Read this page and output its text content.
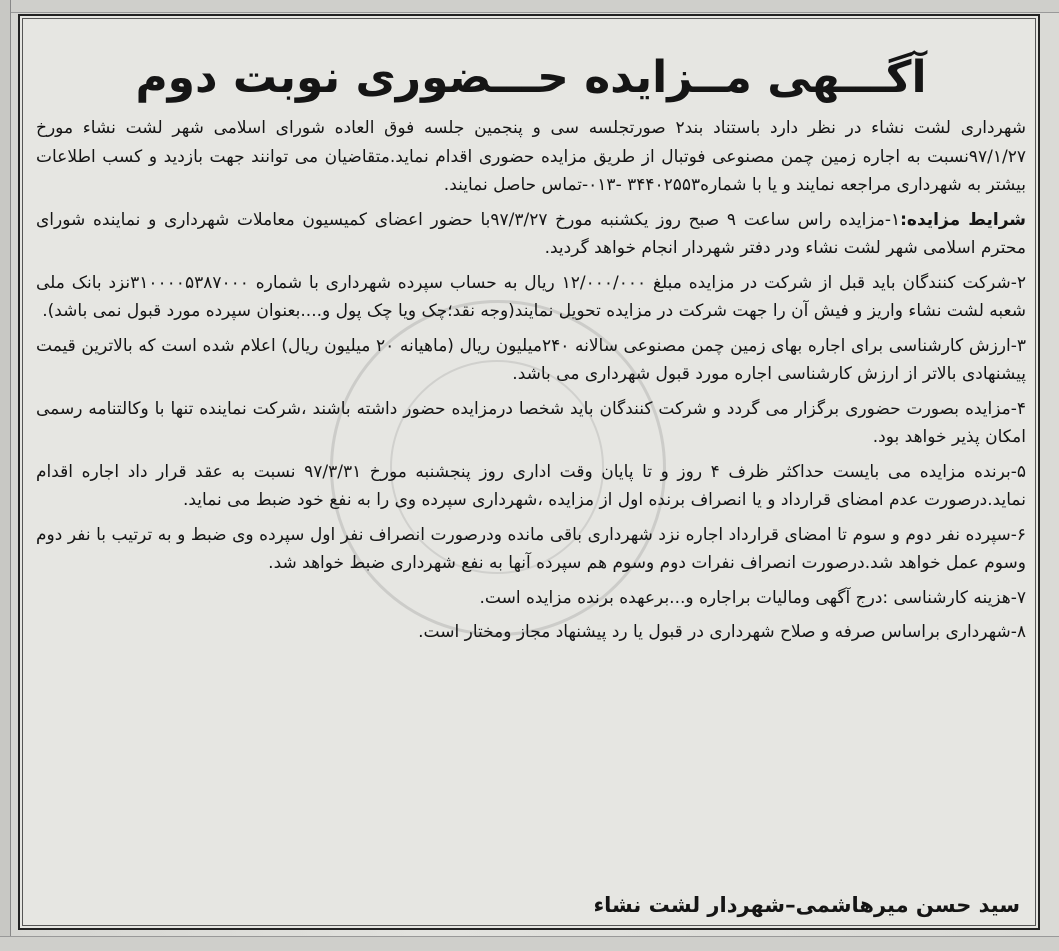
آگـــهی مــزایده حـــضوری نوبت دوم

شهرداری لشت نشاء در نظر دارد باستناد بند۲ صورتجلسه سی و پنجمین جلسه فوق العاده شورای اسلامی شهر لشت نشاء مورخ ۹۷/۱/۲۷نسبت به اجاره زمین چمن مصنوعی فوتبال از طریق مزایده حضوری اقدام نماید.متقاضیان می توانند جهت بازدید و کسب اطلاعات بیشتر به شهرداری مراجعه نمایند و یا با شماره۳۴۴۰۲۵۵۳ -۰۱۳-تماس حاصل نمایند.

شرایط مزایده:۱-مزایده راس ساعت ۹ صبح روز یکشنبه مورخ ۹۷/۳/۲۷با حضور اعضای کمیسیون معاملات شهرداری و نماینده شورای محترم اسلامی شهر لشت نشاء ودر دفتر شهردار انجام خواهد گردید.

۲-شرکت کنندگان باید قبل از شرکت در مزایده مبلغ ۱۲/۰۰۰/۰۰۰ ریال به حساب سپرده شهرداری با شماره ۳۱۰۰۰۰۵۳۸۷۰۰۰نزد بانک ملی شعبه لشت نشاء واریز و فیش آن را جهت شرکت در مزایده تحویل نمایند(وجه نقد؛چک ویا چک پول و....بعنوان سپرده مورد قبول نمی باشد).

۳-ارزش کارشناسی برای اجاره بهای زمین چمن مصنوعی سالانه ۲۴۰میلیون ریال (ماهیانه ۲۰ میلیون ریال) اعلام شده است که بالاترین قیمت پیشنهادی بالاتر از ارزش کارشناسی اجاره مورد قبول شهرداری می باشد.

۴-مزایده بصورت حضوری برگزار می گردد و شرکت کنندگان باید شخصا درمزایده حضور داشته باشند ،شرکت نماینده تنها با وکالتنامه رسمی امکان پذیر خواهد بود.

۵-برنده مزایده می بایست حداکثر ظرف ۴ روز و تا پایان وقت اداری روز پنجشنبه مورخ ۹۷/۳/۳۱ نسبت به عقد قرار داد اجاره اقدام نماید.درصورت عدم امضای قرارداد و یا انصراف برنده اول از مزایده ،شهرداری سپرده وی را به نفع خود ضبط می نماید.

۶-سپرده نفر دوم و سوم تا امضای قرارداد اجاره نزد شهرداری باقی مانده ودرصورت انصراف نفر اول سپرده وی ضبط و به ترتیب با نفر دوم وسوم عمل خواهد شد.درصورت انصراف نفرات دوم وسوم هم سپرده آنها به نفع شهرداری ضبط خواهد شد.

۷-هزینه کارشناسی :درج آگهی ومالیات براجاره و...برعهده برنده مزایده است.

۸-شهرداری براساس صرفه و صلاح شهرداری در قبول یا رد پیشنهاد مجاز ومختار است.

سید حسن میرهاشمی–شهردار لشت نشاء
